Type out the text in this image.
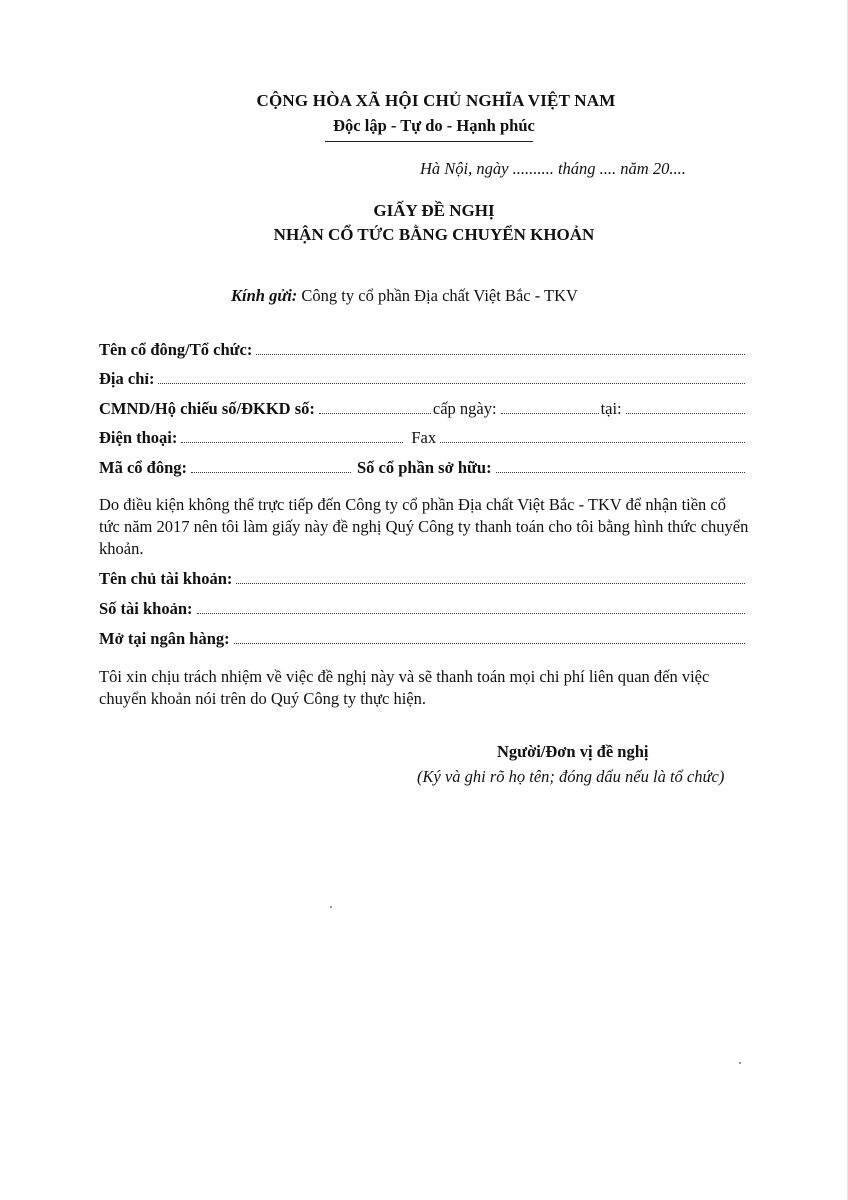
CỘNG HÒA XÃ HỘI CHỦ NGHĨA VIỆT NAM
Độc lập - Tự do - Hạnh phúc
Hà Nội, ngày .......... tháng .... năm 20....
GIẤY ĐỀ NGHỊ
NHẬN CỔ TỨC BẰNG CHUYỂN KHOẢN
Kính gửi: Công ty cổ phần Địa chất Việt Bắc - TKV
Tên cổ đông/Tổ chức:
Địa chỉ:
CMND/Hộ chiếu số/ĐKKD số:	cấp ngày:	tại:
Điện thoại:	Fax
Mã cổ đông:	Số cổ phần sở hữu:
Do điều kiện không thể trực tiếp đến Công ty cổ phần Địa chất Việt Bắc - TKV để nhận tiền cổ tức năm 2017 nên tôi làm giấy này đề nghị Quý Công ty thanh toán cho tôi bằng hình thức chuyển khoản.
Tên chủ tài khoản:
Số tài khoản:
Mở tại ngân hàng:
Tôi xin chịu trách nhiệm về việc đề nghị này và sẽ thanh toán mọi chi phí liên quan đến việc chuyển khoản nói trên do Quý Công ty thực hiện.
Người/Đơn vị đề nghị
(Ký và ghi rõ họ tên; đóng dấu nếu là tổ chức)
